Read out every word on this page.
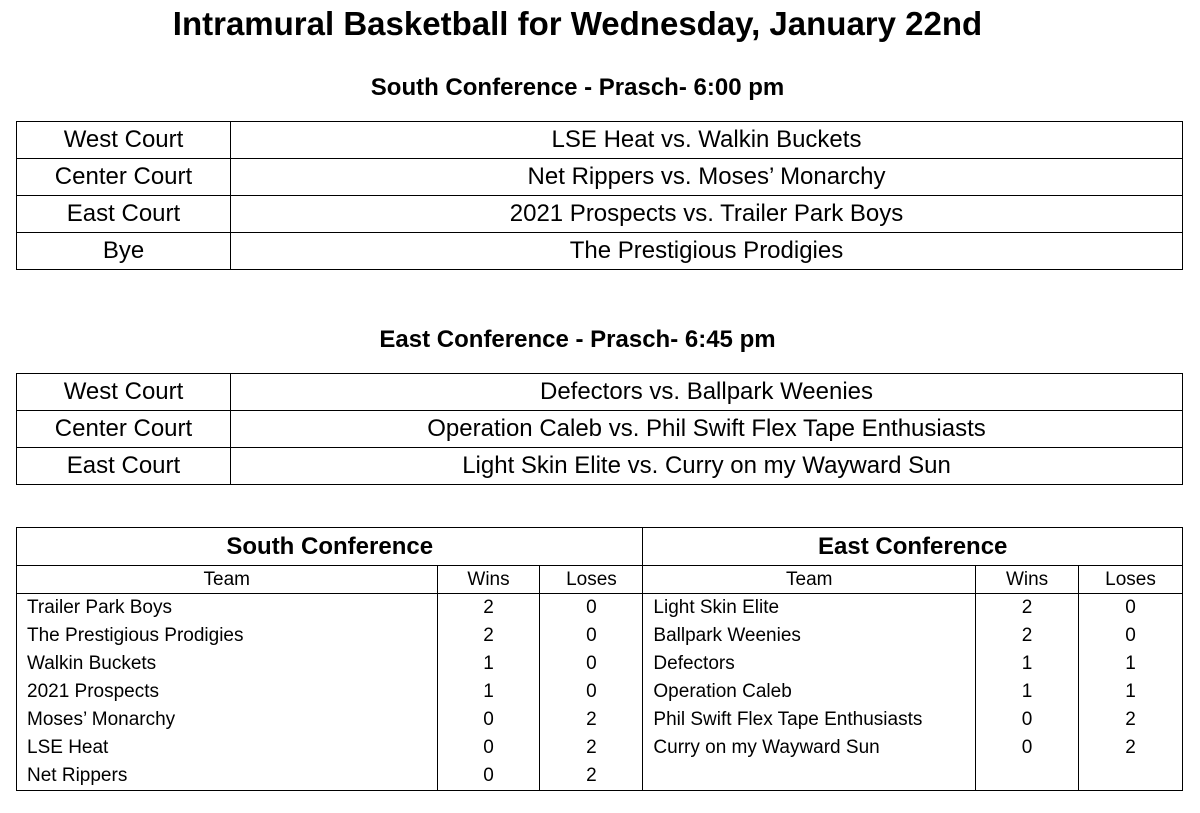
Intramural Basketball for Wednesday, January 22nd
South Conference - Prasch- 6:00 pm
West Court	LSE Heat vs. Walkin Buckets
Center Court	Net Rippers vs. Moses’ Monarchy
East Court	2021 Prospects vs. Trailer Park Boys
Bye	The Prestigious Prodigies
East Conference - Prasch- 6:45 pm
West Court	Defectors vs. Ballpark Weenies
Center Court	Operation Caleb vs. Phil Swift Flex Tape Enthusiasts
East Court	Light Skin Elite vs. Curry on my Wayward Sun
South Conference			East Conference		
Team	Wins	Loses	Team	Wins	Loses
Trailer Park Boys	2	0	Light Skin Elite	2	0
The Prestigious Prodigies	2	0	Ballpark Weenies	2	0
Walkin Buckets	1	0	Defectors	1	1
2021 Prospects	1	0	Operation Caleb	1	1
Moses’ Monarchy	0	2	Phil Swift Flex Tape Enthusiasts	0	2
LSE Heat	0	2	Curry on my Wayward Sun	0	2
Net Rippers	0	2			
